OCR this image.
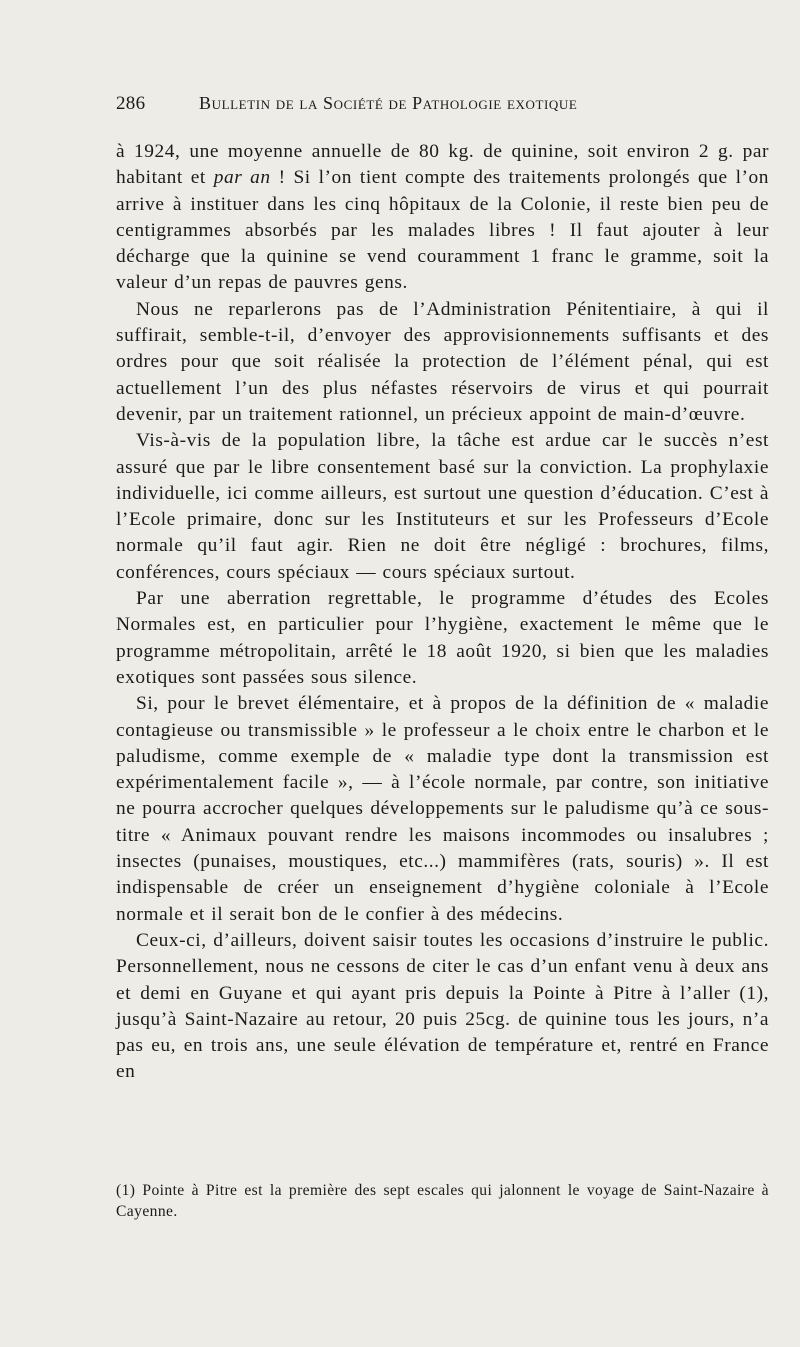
286	Bulletin de la Société de Pathologie exotique

à 1924, une moyenne annuelle de 80 kg. de quinine, soit environ 2 g. par habitant et par an ! Si l’on tient compte des traitements prolongés que l’on arrive à instituer dans les cinq hôpitaux de la Colonie, il reste bien peu de centigrammes absorbés par les malades libres ! Il faut ajouter à leur décharge que la quinine se vend couramment 1 franc le gramme, soit la valeur d’un repas de pauvres gens.

Nous ne reparlerons pas de l’Administration Pénitentiaire, à qui il suffirait, semble-t-il, d’envoyer des approvisionnements suffisants et des ordres pour que soit réalisée la protection de l’élément pénal, qui est actuellement l’un des plus néfastes réservoirs de virus et qui pourrait devenir, par un traitement rationnel, un précieux appoint de main-d’œuvre.

Vis-à-vis de la population libre, la tâche est ardue car le succès n’est assuré que par le libre consentement basé sur la conviction. La prophylaxie individuelle, ici comme ailleurs, est surtout une question d’éducation. C’est à l’Ecole primaire, donc sur les Instituteurs et sur les Professeurs d’Ecole normale qu’il faut agir. Rien ne doit être négligé : brochures, films, conférences, cours spéciaux — cours spéciaux surtout.

Par une aberration regrettable, le programme d’études des Ecoles Normales est, en particulier pour l’hygiène, exactement le même que le programme métropolitain, arrêté le 18 août 1920, si bien que les maladies exotiques sont passées sous silence.

Si, pour le brevet élémentaire, et à propos de la définition de « maladie contagieuse ou transmissible » le professeur a le choix entre le charbon et le paludisme, comme exemple de « maladie type dont la transmission est expérimentalement facile », — à l’école normale, par contre, son initiative ne pourra accrocher quelques développements sur le paludisme qu’à ce sous-titre « Animaux pouvant rendre les maisons incommodes ou insalubres ; insectes (punaises, moustiques, etc...) mammifères (rats, souris) ». Il est indispensable de créer un enseignement d’hygiène coloniale à l’Ecole normale et il serait bon de le confier à des médecins.

Ceux-ci, d’ailleurs, doivent saisir toutes les occasions d’instruire le public. Personnellement, nous ne cessons de citer le cas d’un enfant venu à deux ans et demi en Guyane et qui ayant pris depuis la Pointe à Pitre à l’aller (1), jusqu’à Saint-Nazaire au retour, 20 puis 25cg. de quinine tous les jours, n’a pas eu, en trois ans, une seule élévation de température et, rentré en France en

(1) Pointe à Pitre est la première des sept escales qui jalonnent le voyage de Saint-Nazaire à Cayenne.
